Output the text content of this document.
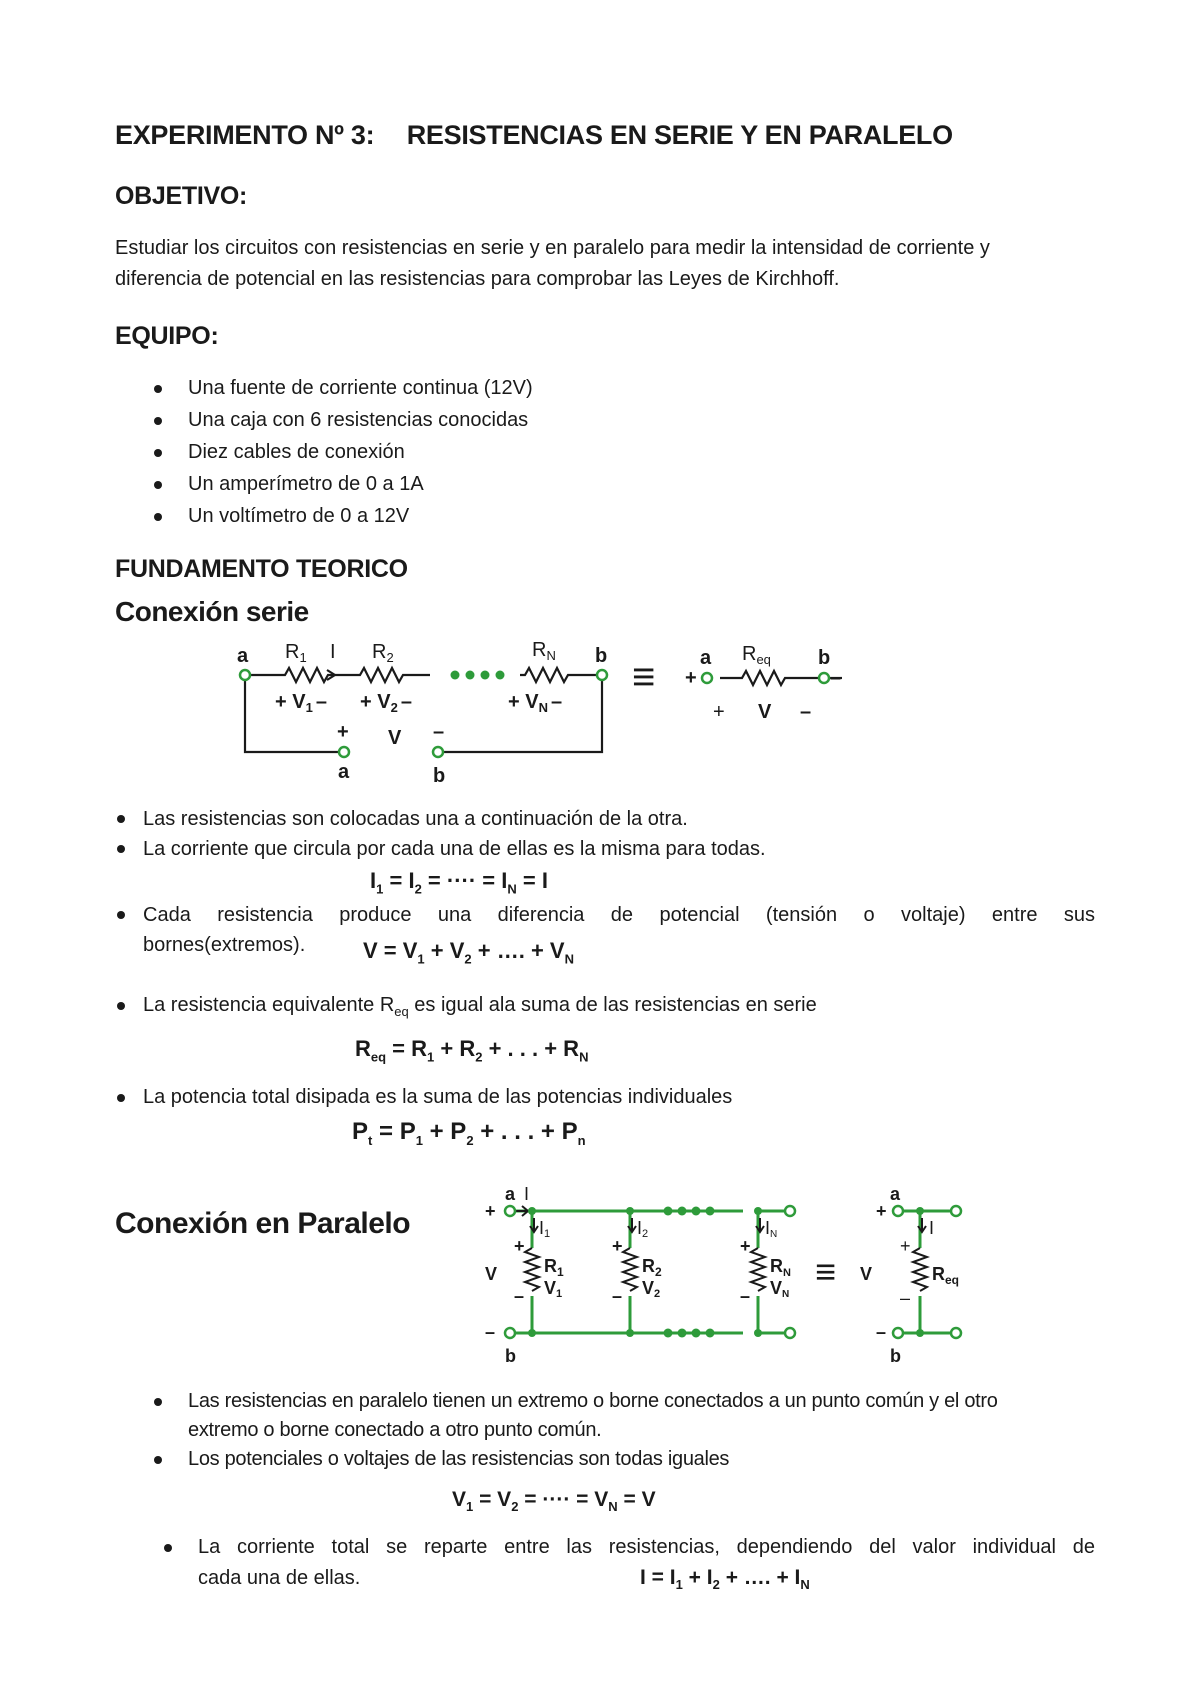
EXPERIMENTO Nº 3: RESISTENCIAS EN SERIE Y EN PARALELO
OBJETIVO:
Estudiar los circuitos con resistencias en serie y en paralelo para medir la intensidad de corriente y
diferencia de potencial en las resistencias para comprobar las Leyes de Kirchhoff.
EQUIPO:
Una fuente de corriente continua (12V)
Una caja con 6 resistencias conocidas
Diez cables de conexión
Un amperímetro de 0 a 1A
Un voltímetro de 0 a 12V
FUNDAMENTO TEORICO
Conexión serie
a	b
I
$R_1$	$R_2$	$R_N$
+ $V_1$ – + $V_2$ –	+ $V_N$ –
+ V –
a	b
≡ +
a	b
–
$R_{eq}$
+ V –
Las resistencias son colocadas una a continuación de la otra.
La corriente que circula por cada una de ellas es la misma para todas.
$I_1 = I_2$ = ···· = $I_N = I$
Cada resistencia produce una diferencia de potencial (tensión o voltaje) entre sus
bornes(extremos).	$V = V_1 + V_2$ + …. + $V_N$
La resistencia equivalente $R_{eq}$ es igual ala suma de las resistencias en serie
$R_{eq} = R_1 + R_2$ + . . . + $R_N$
La potencia total disipada es la suma de las potencias individuales
$P_t = P_1 + P_2$ + . . . + $P_n$
Conexión en Paralelo
a I
+
–
b
V
+
–
I1
$R_1$
V1
+
–
I2
$R_2$
V2
+
–
IN
$R_N$
VN
≡
a
+
–
b
V
+
–
I
$R_{eq}$
Las resistencias en paralelo tienen un extremo o borne conectados a un punto común y el otro
extremo o borne conectado a otro punto común.
Los potenciales o voltajes de las resistencias son todas iguales
$V_1 = V_2$ = ···· = $V_N = V$
La corriente total se reparte entre las resistencias, dependiendo del valor individual de
cada una de ellas.	$I = I_1 + I_2$ + …. + $I_N$
